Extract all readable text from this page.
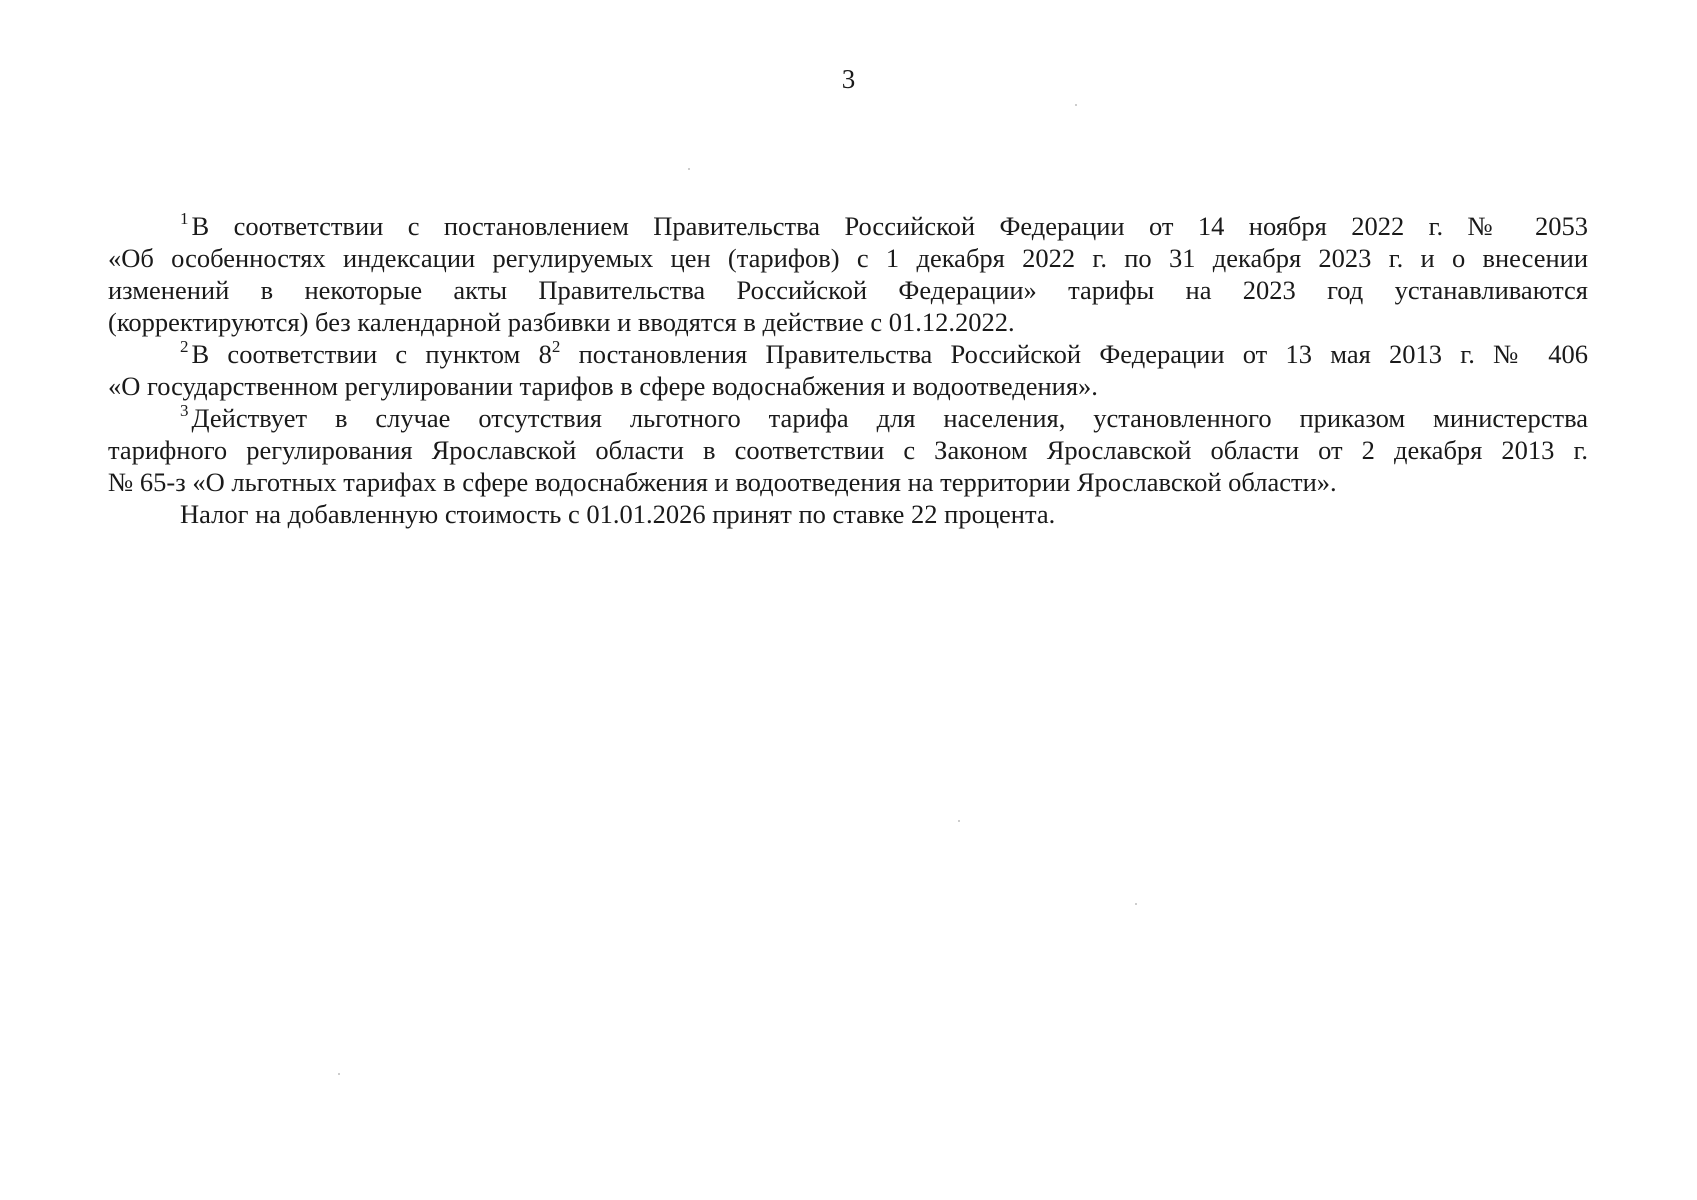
3
$^1$ В соответствии с постановлением Правительства Российской Федерации от 14 ноября 2022 г. № 2053
«Об особенностях индексации регулируемых цен (тарифов) с 1 декабря 2022 г. по 31 декабря 2023 г. и о внесении
изменений в некоторые акты Правительства Российской Федерации» тарифы на 2023 год устанавливаются
(корректируются) без календарной разбивки и вводятся в действие с 01.12.2022.
$^2$ В соответствии с пунктом $8^2$ постановления Правительства Российской Федерации от 13 мая 2013 г. № 406
«О государственном регулировании тарифов в сфере водоснабжения и водоотведения».
$^3$ Действует в случае отсутствия льготного тарифа для населения, установленного приказом министерства
тарифного регулирования Ярославской области в соответствии с Законом Ярославской области от 2 декабря 2013 г.
№ 65-з «О льготных тарифах в сфере водоснабжения и водоотведения на территории Ярославской области».
Налог на добавленную стоимость с 01.01.2026 принят по ставке 22 процента.
